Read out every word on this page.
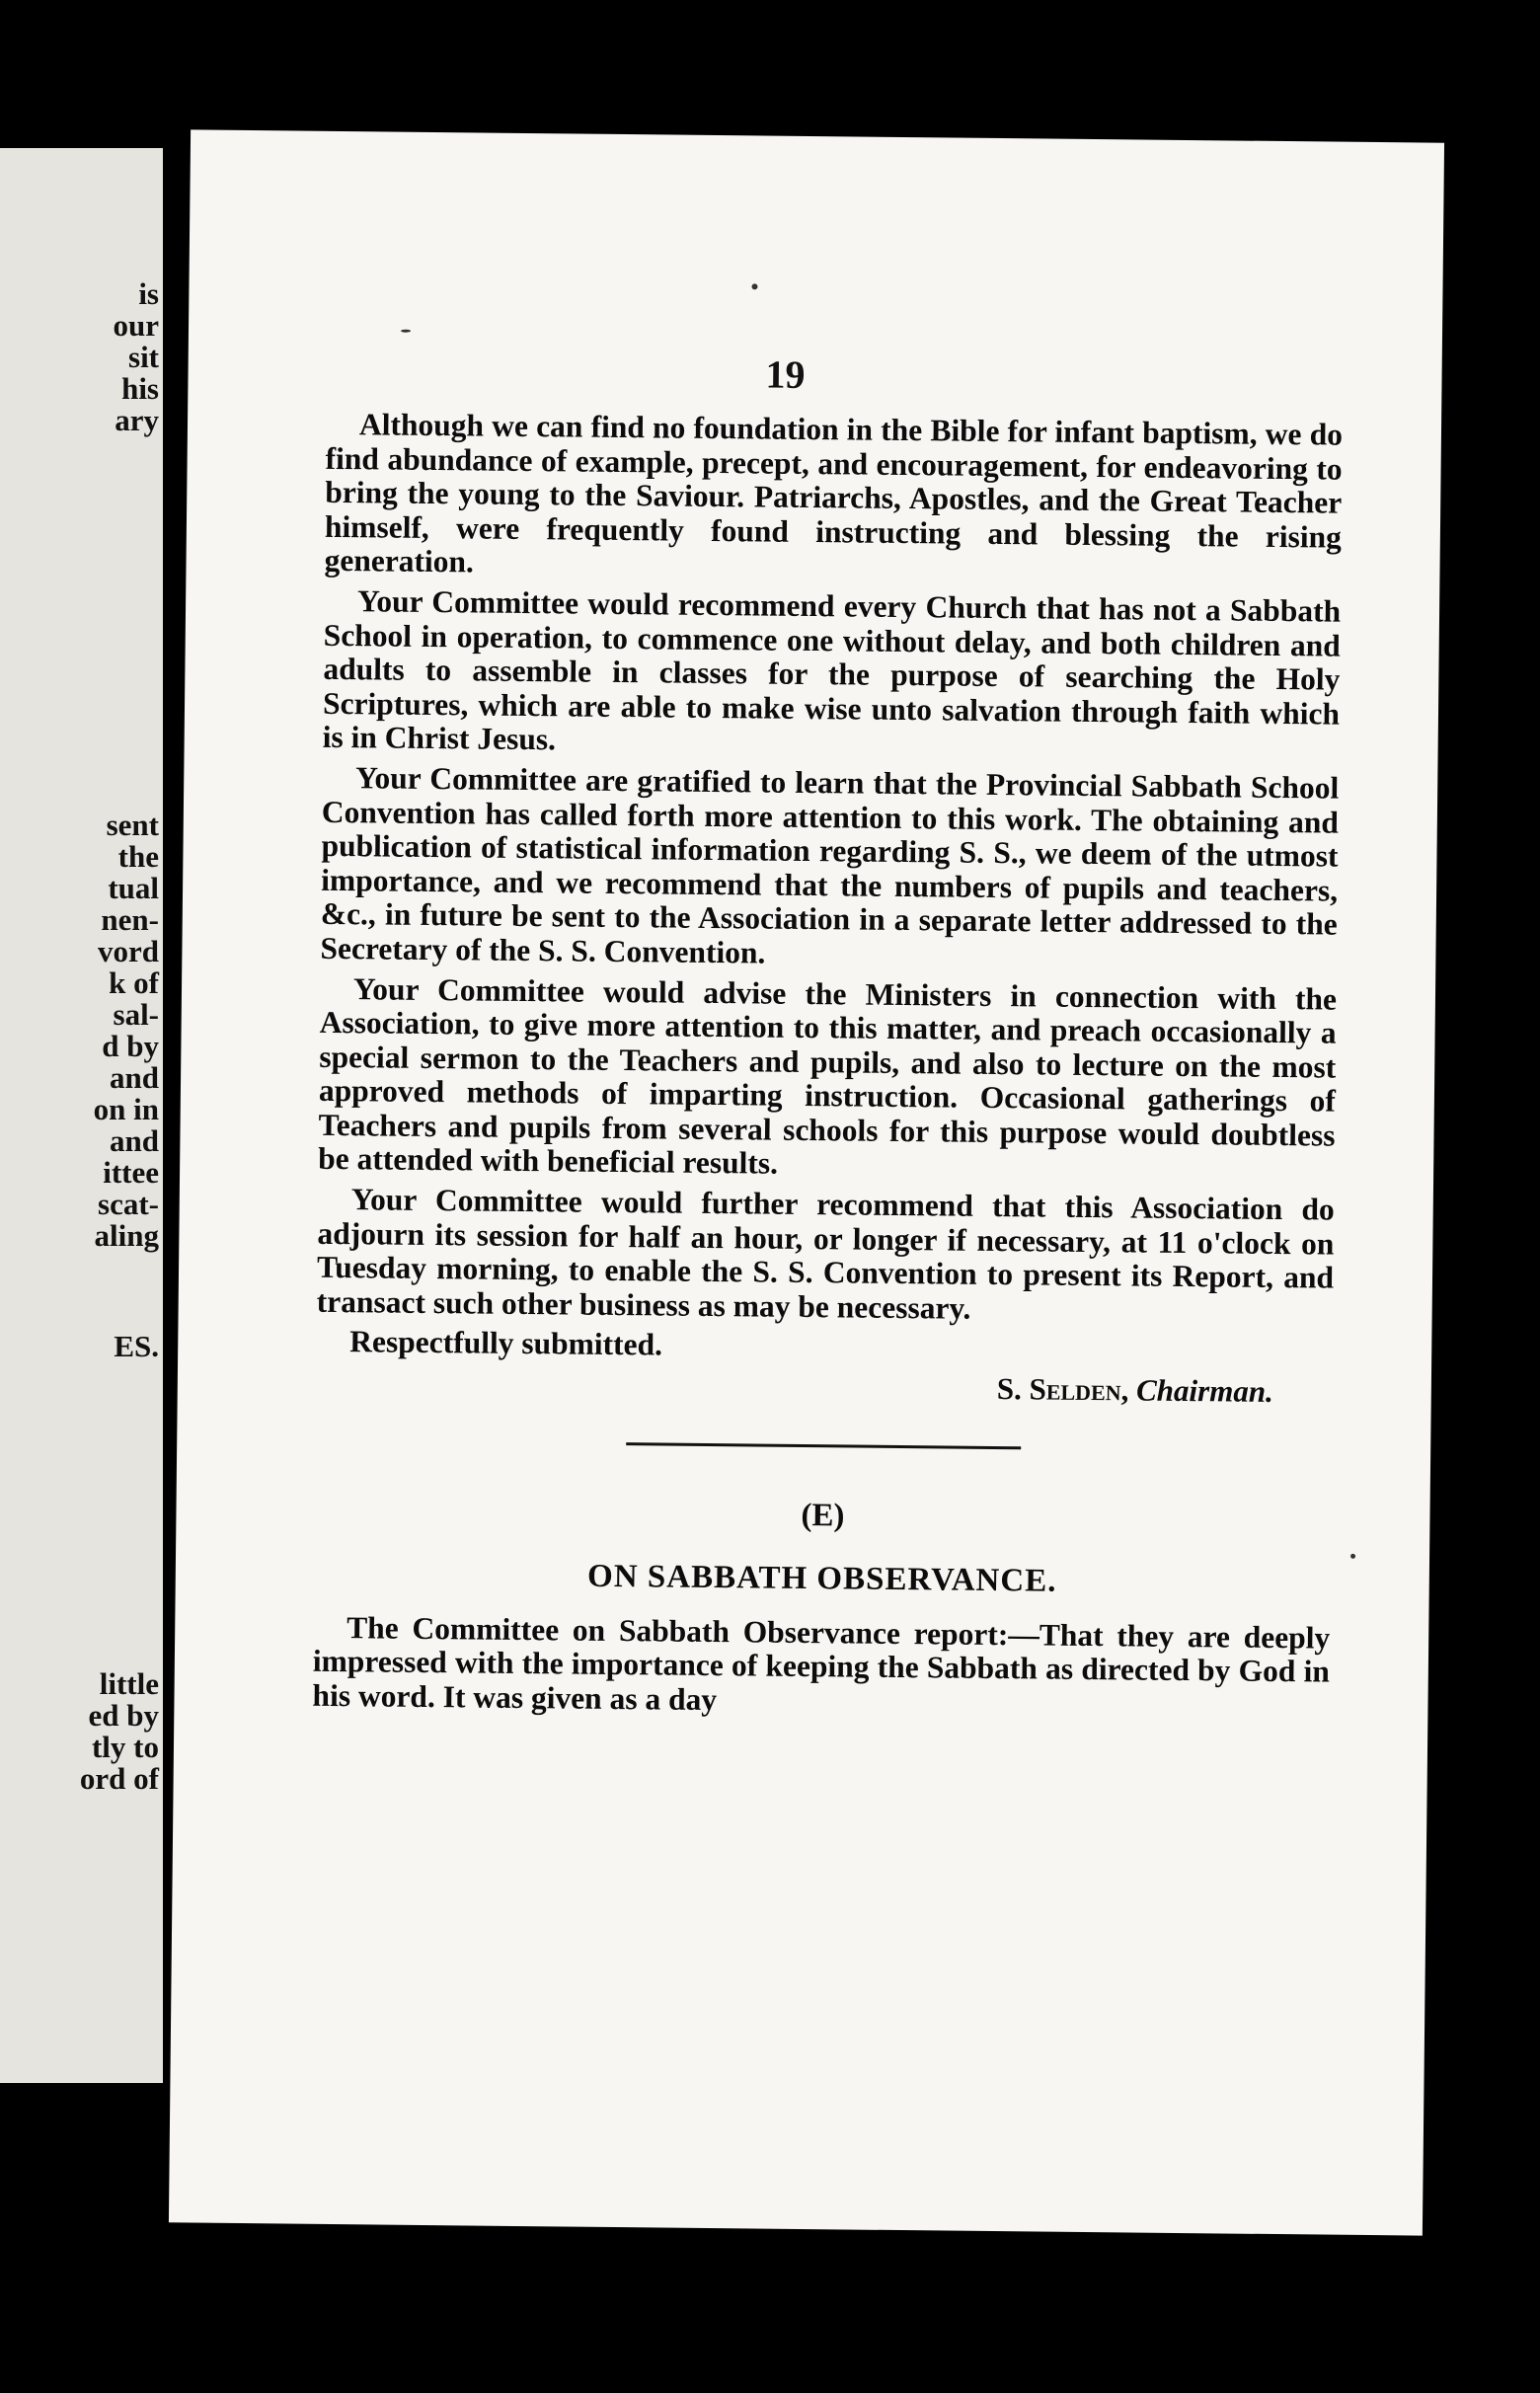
is
our
sit
his
ary
sent
the
tual
nen-
vord
k of
sal-
d by
and
on in
and
ittee
scat-
aling
ES.
little
ed by
tly to
ord of
19

Although we can find no foundation in the Bible for infant baptism, we do find abundance of example, precept, and encouragement, for endeavoring to bring the young to the Saviour. Patriarchs, Apostles, and the Great Teacher himself, were frequently found instructing and blessing the rising generation.

Your Committee would recommend every Church that has not a Sabbath School in operation, to commence one without delay, and both children and adults to assemble in classes for the purpose of searching the Holy Scriptures, which are able to make wise unto salvation through faith which is in Christ Jesus.

Your Committee are gratified to learn that the Provincial Sabbath School Convention has called forth more attention to this work. The obtaining and publication of statistical information regarding S. S., we deem of the utmost importance, and we recommend that the numbers of pupils and teachers, &c., in future be sent to the Association in a separate letter addressed to the Secretary of the S. S. Convention.

Your Committee would advise the Ministers in connection with the Association, to give more attention to this matter, and preach occasionally a special sermon to the Teachers and pupils, and also to lecture on the most approved methods of imparting instruction. Occasional gatherings of Teachers and pupils from several schools for this purpose would doubtless be attended with beneficial results.

Your Committee would further recommend that this Association do adjourn its session for half an hour, or longer if necessary, at 11 o'clock on Tuesday morning, to enable the S. S. Convention to present its Report, and transact such other business as may be necessary.

Respectfully submitted.

S. Selden, Chairman.
(E)
ON SABBATH OBSERVANCE.

The Committee on Sabbath Observance report:—That they are deeply impressed with the importance of keeping the Sabbath as directed by God in his word. It was given as a day
